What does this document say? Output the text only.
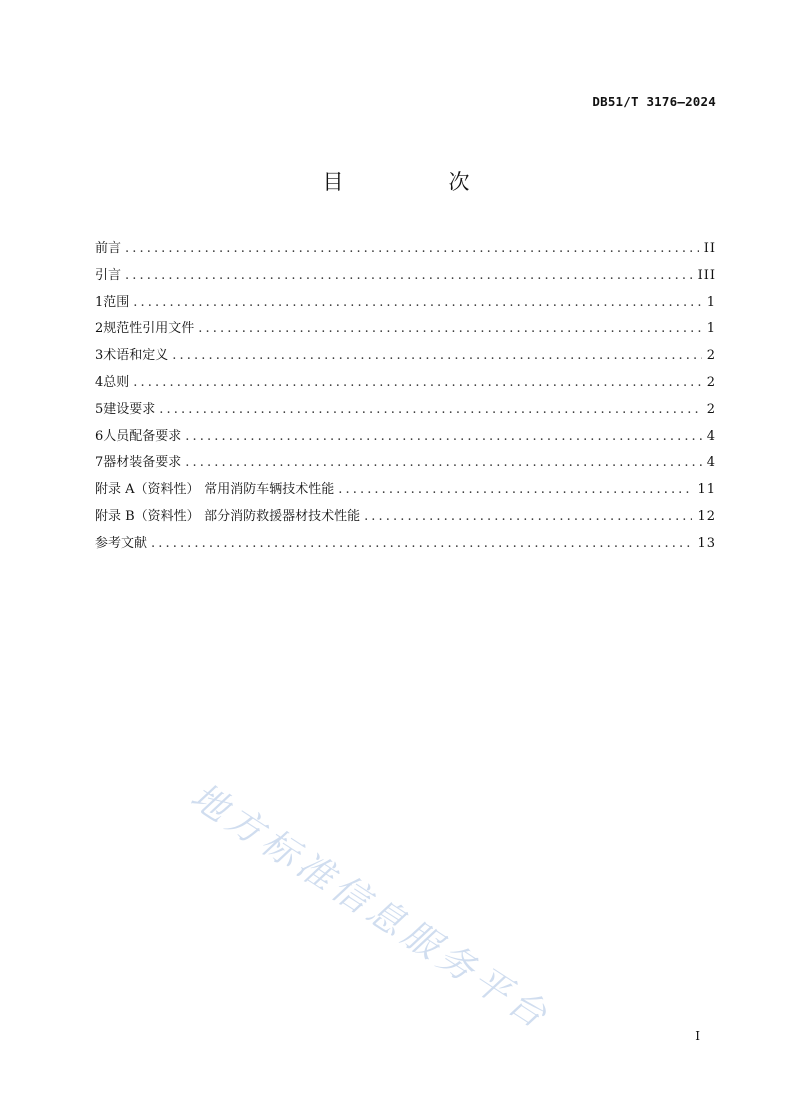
DB51/T 3176—2024
目　次
前言 .....	II
引言 .....	III
1 范围 .....	1
2 规范性引用文件 .....	1
3 术语和定义 .....	2
4 总则 .....	2
5 建设要求 .....	2
6 人员配备要求 .....	4
7 器材装备要求 .....	4
附录 A（资料性） 常用消防车辆技术性能 .....	11
附录 B（资料性） 部分消防救援器材技术性能 .....	12
参考文献 .....	13
地方标准信息服务平台	I
